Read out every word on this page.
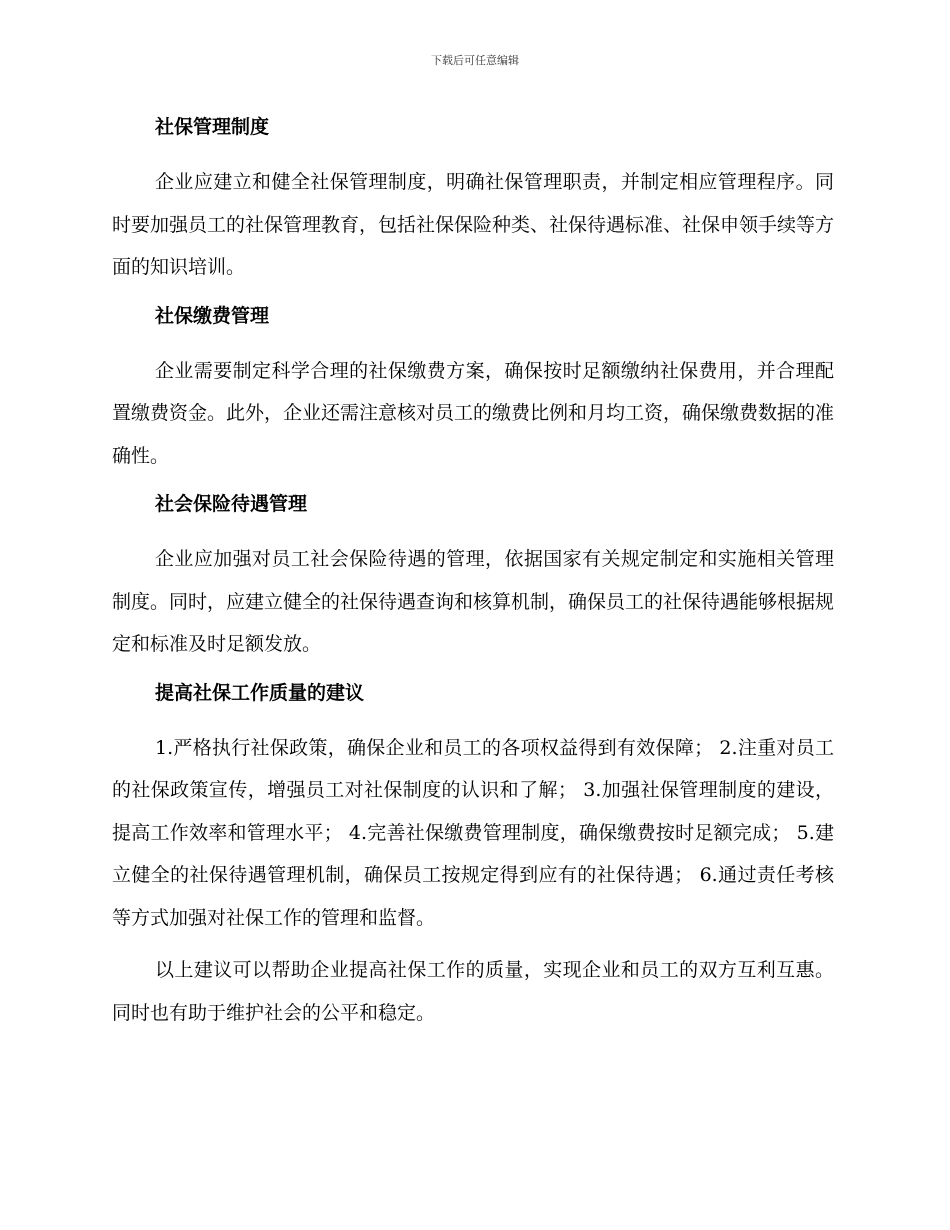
下载后可任意编辑
社保管理制度

企业应建立和健全社保管理制度，明确社保管理职责，并制定相应管理程序。同时要加强员工的社保管理教育，包括社保保险种类、社保待遇标准、社保申领手续等方面的知识培训。

社保缴费管理

企业需要制定科学合理的社保缴费方案，确保按时足额缴纳社保费用，并合理配置缴费资金。此外，企业还需注意核对员工的缴费比例和月均工资，确保缴费数据的准确性。

社会保险待遇管理

企业应加强对员工社会保险待遇的管理，依据国家有关规定制定和实施相关管理制度。同时，应建立健全的社保待遇查询和核算机制，确保员工的社保待遇能够根据规定和标准及时足额发放。

提高社保工作质量的建议

1.严格执行社保政策，确保企业和员工的各项权益得到有效保障； 2.注重对员工的社保政策宣传，增强员工对社保制度的认识和了解； 3.加强社保管理制度的建设，提高工作效率和管理水平； 4.完善社保缴费管理制度，确保缴费按时足额完成； 5.建立健全的社保待遇管理机制，确保员工按规定得到应有的社保待遇； 6.通过责任考核等方式加强对社保工作的管理和监督。

以上建议可以帮助企业提高社保工作的质量，实现企业和员工的双方互利互惠。同时也有助于维护社会的公平和稳定。
